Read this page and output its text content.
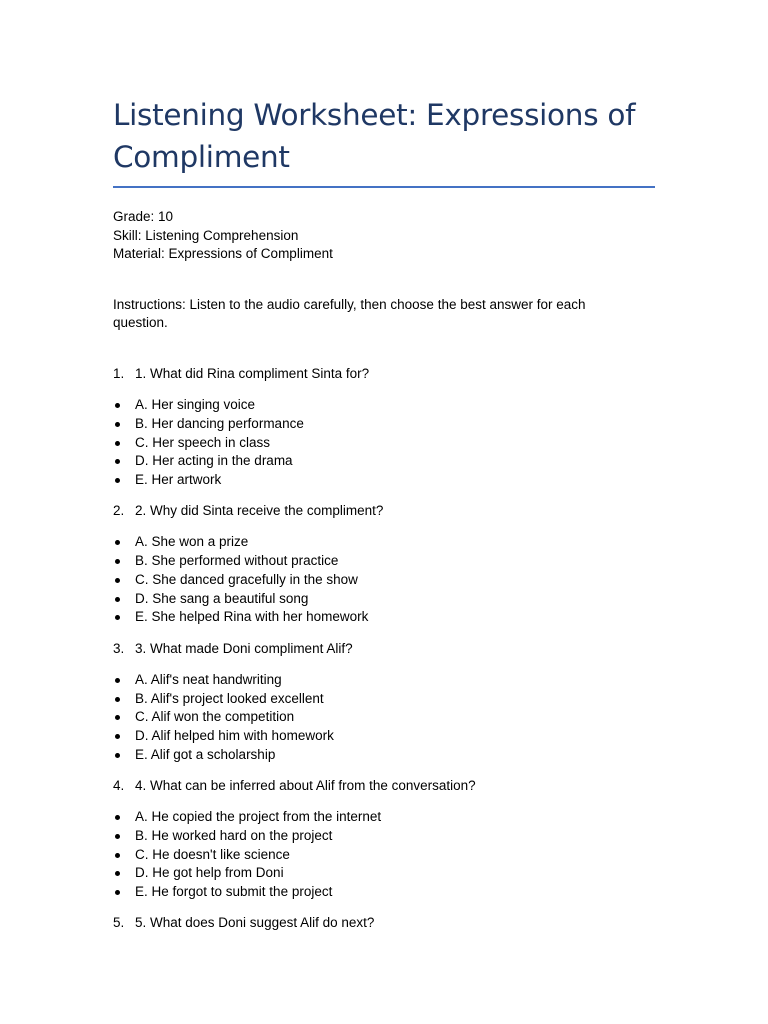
Listening Worksheet: Expressions of Compliment
Grade: 10
Skill: Listening Comprehension
Material: Expressions of Compliment
Instructions: Listen to the audio carefully, then choose the best answer for each question.
1. 1. What did Rina compliment Sinta for?
A. Her singing voice
B. Her dancing performance
C. Her speech in class
D. Her acting in the drama
E. Her artwork
2. 2. Why did Sinta receive the compliment?
A. She won a prize
B. She performed without practice
C. She danced gracefully in the show
D. She sang a beautiful song
E. She helped Rina with her homework
3. 3. What made Doni compliment Alif?
A. Alif's neat handwriting
B. Alif's project looked excellent
C. Alif won the competition
D. Alif helped him with homework
E. Alif got a scholarship
4. 4. What can be inferred about Alif from the conversation?
A. He copied the project from the internet
B. He worked hard on the project
C. He doesn't like science
D. He got help from Doni
E. He forgot to submit the project
5. 5. What does Doni suggest Alif do next?
